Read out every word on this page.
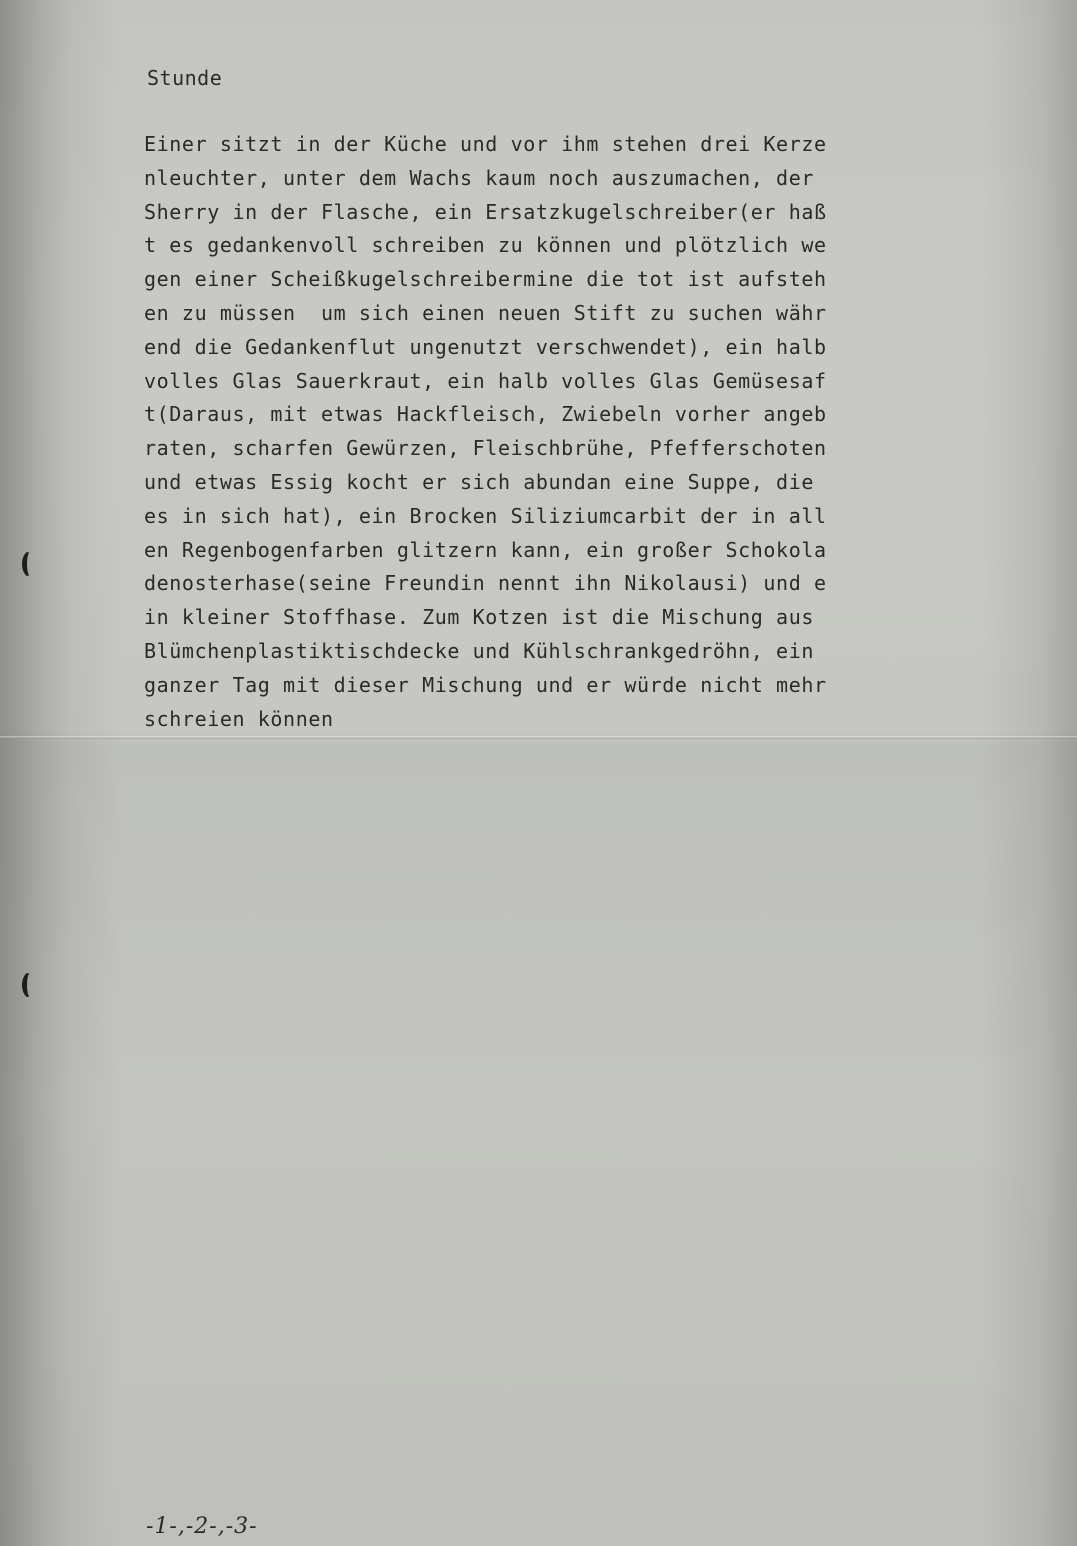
Stunde
Einer sitzt in der Küche und vor ihm stehen drei Kerze
nleuchter, unter dem Wachs kaum noch auszumachen, der
Sherry in der Flasche, ein Ersatzkugelschreiber(er haß
t es gedankenvoll schreiben zu können und plötzlich we
gen einer Scheißkugelschreibermine die tot ist aufsteh
en zu müssen  um sich einen neuen Stift zu suchen währ
end die Gedankenflut ungenutzt verschwendet), ein halb
volles Glas Sauerkraut, ein halb volles Glas Gemüsesaf
t(Daraus, mit etwas Hackfleisch, Zwiebeln vorher angeb
raten, scharfen Gewürzen, Fleischbrühe, Pfefferschoten
und etwas Essig kocht er sich abundan eine Suppe, die
es in sich hat), ein Brocken Siliziumcarbit der in all
en Regenbogenfarben glitzern kann, ein großer Schokola
denosterhase(seine Freundin nennt ihn Nikolausi) und e
in kleiner Stoffhase. Zum Kotzen ist die Mischung aus
Blümchenplastiktischdecke und Kühlschrankgedröhn, ein
ganzer Tag mit dieser Mischung und er würde nicht mehr
schreien können
-1-,-2-,-3-
